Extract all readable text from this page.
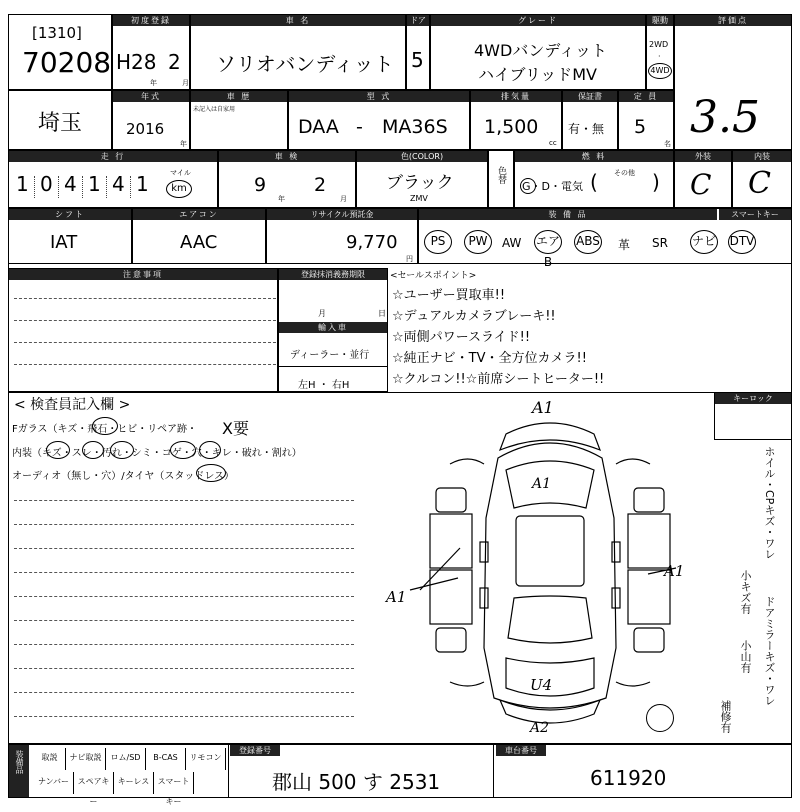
[1310]
70208
初度登録
H28 2
年	月
車 名
ソリオバンディット
ドア
5
グレード
4WDバンディット
ハイブリッドMV
駆動
2WD
·
4WD
評価点
埼玉
年式
2016
年
車 歴
未記入は自家用
型 式
DAA - MA36S
排気量
1,500
cc
保証書
有・無
定 員
5
名
3.5
走 行
1 0 4 1 4 1	マイル
km
車 検
9
年
2
月
色(COLOR)
ブラック
ZMV
色替
燃 料
G・D・電気 ( その他 )
外装
C
内装
C
シフト
IAT
エアコン
AAC
リサイクル預託金
9,770
円
装 備 品	スマートキー
PS	PW	AW エアB
ABS 革 SR ナビ DTV
注意事項	登録抹消義務期限
月	日
輸入車
ディーラー・並行
左H ・ 右H
<セールスポイント>
☆ユーザー買取車!!
☆デュアルカメラブレーキ!!
☆両側パワースライド!!
☆純正ナビ・TV・全方位カメラ!!
☆クルコン!!☆前席シートヒーター!!
< 検査員記入欄 >
Fガラス（キズ・飛石・ヒビ・リペア跡・ X要
内装（キズ・スレ・汚れ・シミ・コゲ・穴・キレ・破れ・割れ）
オーディオ（無し・穴）/タイヤ（スタッドレス）
A1
A1
A1
A1
U4
A2
キーロック
ホイル・CPキズ・ワレ
小キズ有
ドアミラーキズ・ワレ
小山有
補修有
装備品	取説	ナビ取説	ロム/SD	B-CAS	リモコン
ナンバー	スペアキー
キーレス	スマートキー
登録番号
郡山 500 す 2531
車台番号
611920
